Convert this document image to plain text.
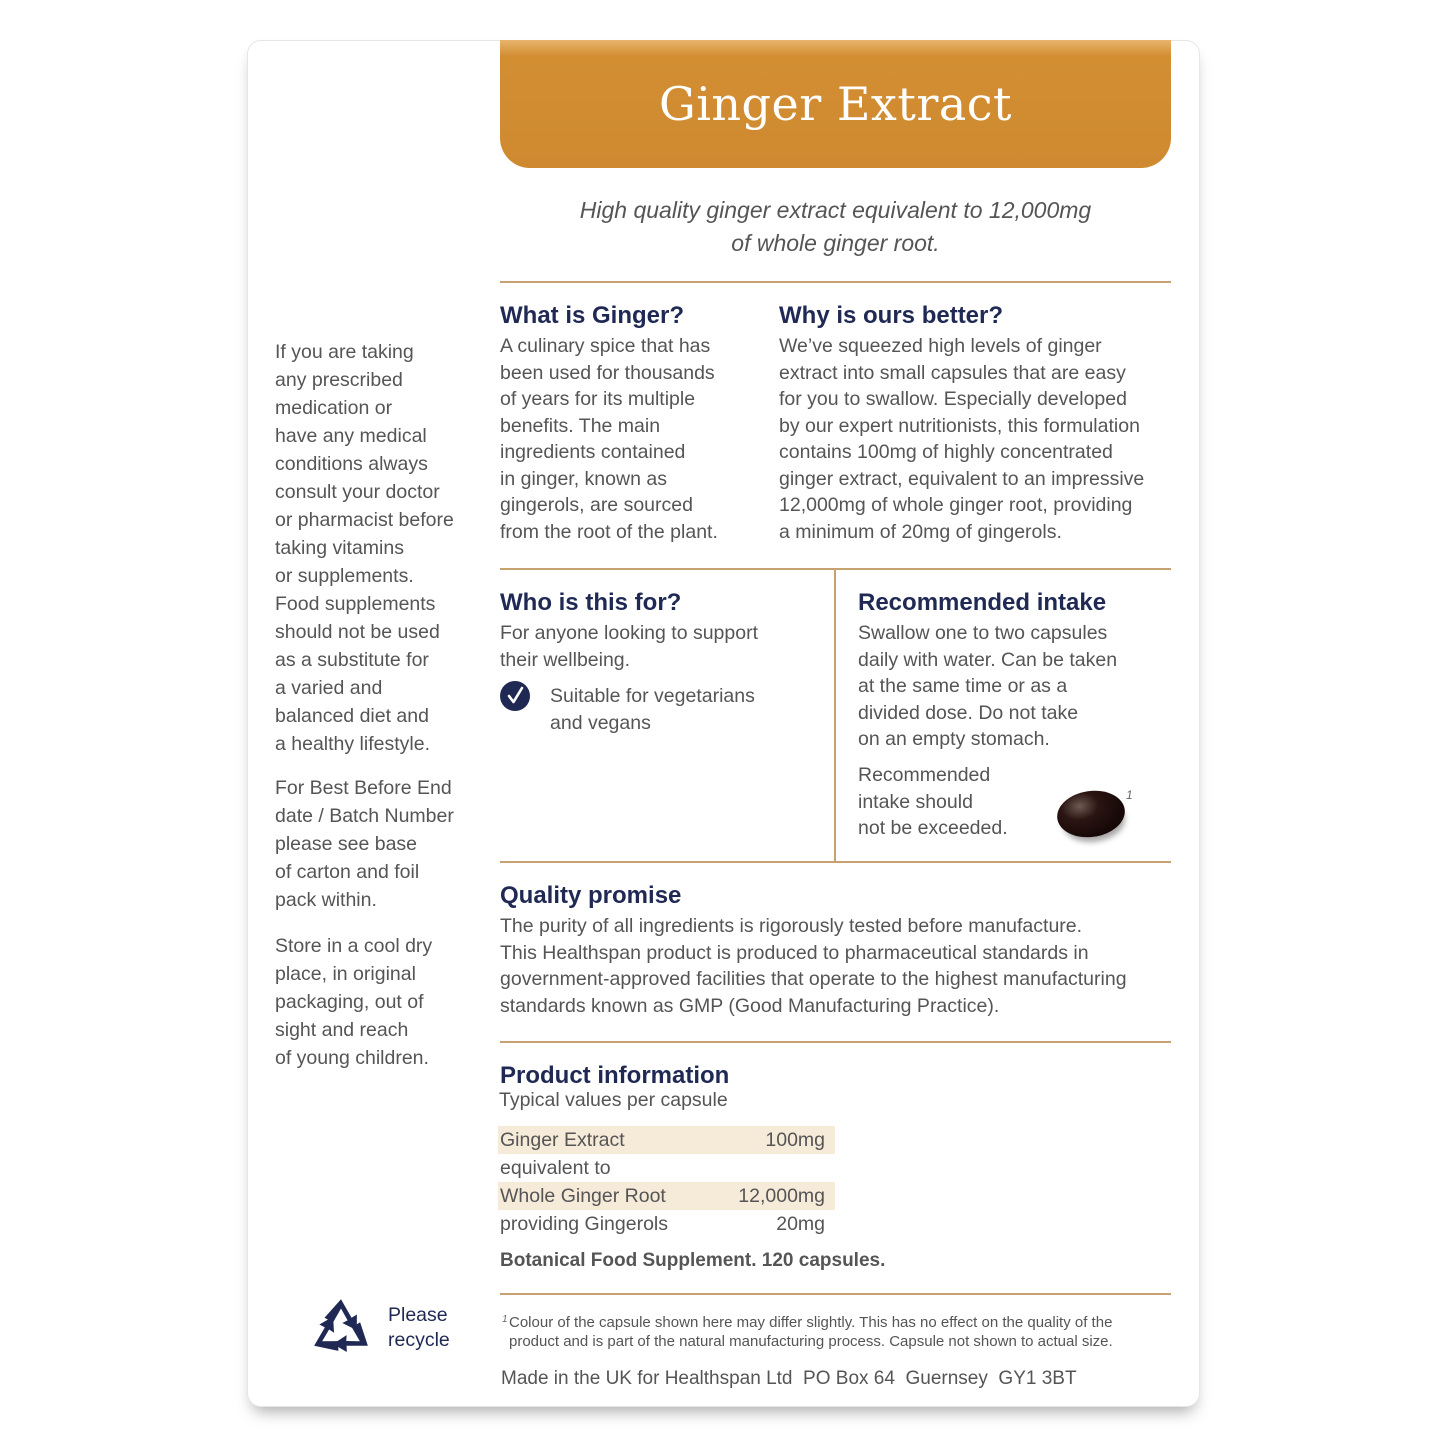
Ginger Extract
High quality ginger extract equivalent to 12,000mg
of whole ginger root.
What is Ginger?
A culinary spice that has
been used for thousands
of years for its multiple
benefits. The main
ingredients contained
in ginger, known as
gingerols, are sourced
from the root of the plant.
Why is ours better?
We’ve squeezed high levels of ginger
extract into small capsules that are easy
for you to swallow. Especially developed
by our expert nutritionists, this formulation
contains 100mg of highly concentrated
ginger extract, equivalent to an impressive
12,000mg of whole ginger root, providing
a minimum of 20mg of gingerols.
Who is this for?
For anyone looking to support
their wellbeing.
Suitable for vegetarians
and vegans
Recommended intake
Swallow one to two capsules
daily with water. Can be taken
at the same time or as a
divided dose. Do not take
on an empty stomach.
Recommended
intake should
not be exceeded.
1
Quality promise
The purity of all ingredients is rigorously tested before manufacture.
This Healthspan product is produced to pharmaceutical standards in
government-approved facilities that operate to the highest manufacturing
standards known as GMP (Good Manufacturing Practice).
Product information
Typical values per capsule
Ginger Extract	100mg
equivalent to
Whole Ginger Root	12,000mg
providing Gingerols	20mg
Botanical Food Supplement. 120 capsules.
1 Colour of the capsule shown here may differ slightly. This has no effect on the quality of the
product and is part of the natural manufacturing process. Capsule not shown to actual size.
Made in the UK for Healthspan Ltd  PO Box 64  Guernsey  GY1 3BT
If you are taking
any prescribed
medication or
have any medical
conditions always
consult your doctor
or pharmacist before
taking vitamins
or supplements.
Food supplements
should not be used
as a substitute for
a varied and
balanced diet and
a healthy lifestyle.
For Best Before End
date / Batch Number
please see base
of carton and foil
pack within.
Store in a cool dry
place, in original
packaging, out of
sight and reach
of young children.
Please
recycle
